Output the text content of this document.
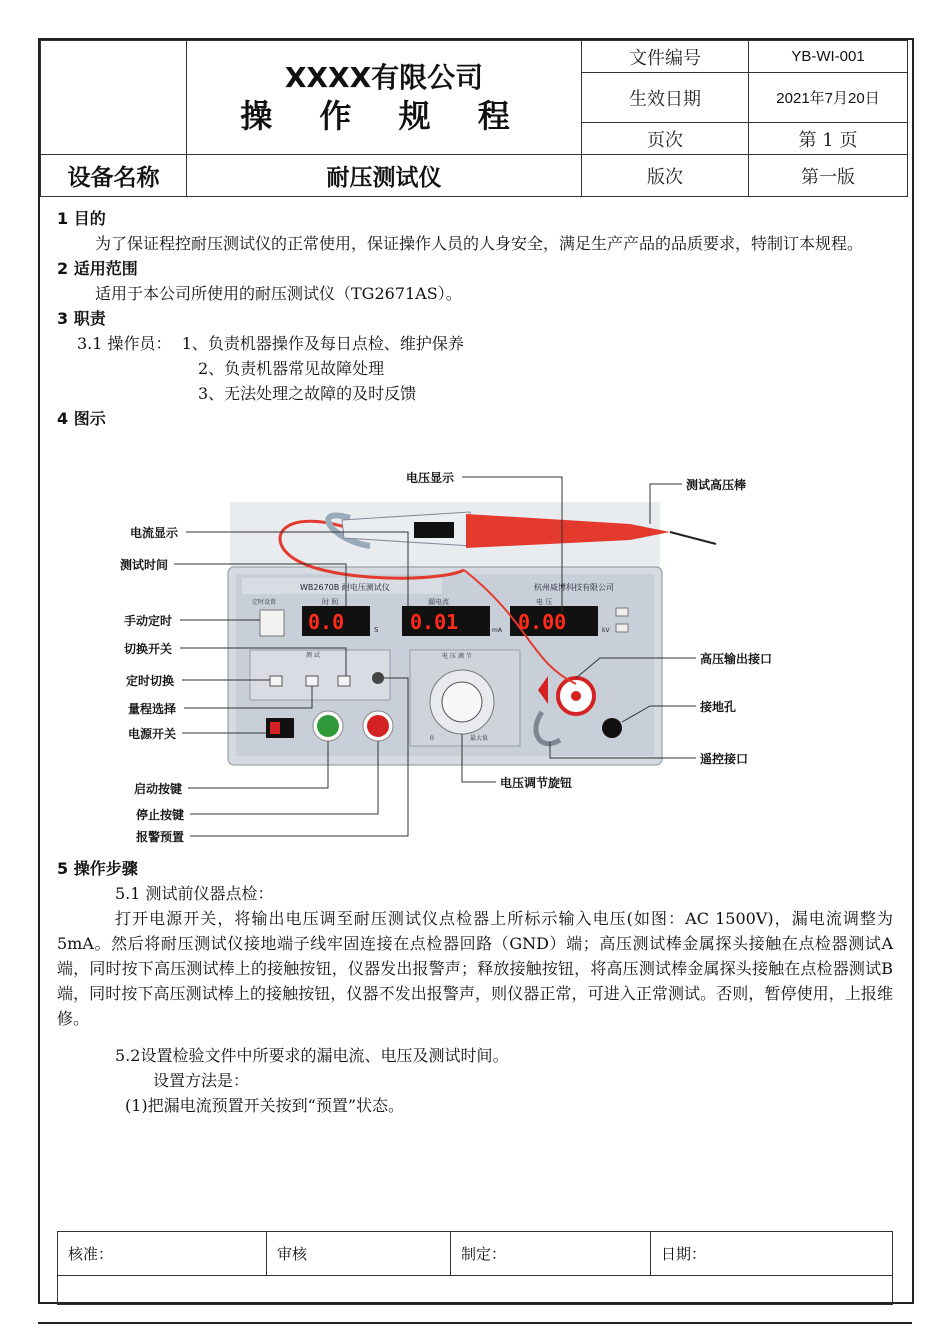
	XXXX有限公司
操 作 规 程	文件编号	YB-WI-001
		生效日期	2021年7月20日
		页次	第 1 页
设备名称	耐压测试仪	版次	第一版

1 目的

为了保证程控耐压测试仪的正常使用，保证操作人员的人身安全，满足生产产品的品质要求，特制订本规程。

2 适用范围

适用于本公司所使用的耐压测试仪（TG2671AS）。

3 职责

3.1 操作员：  1、负责机器操作及每日点检、维护保养

2、负责机器常见故障处理

3、无法处理之故障的及时反馈

4 图示

WB2670B 耐电压测试仪	杭州威博科技有限公司
时 间	漏电流	电 压
定时设置
0.0	S 0.01	mA 0.00	kV
测 试	电 压 调 节
0	最大值
电压显示	测试高压棒
电流显示
测试时间
手动定时
切换开关
定时切换
量程选择
电源开关
高压输出接口
接地孔
遥控接口
电压调节旋钮
启动按键
停止按键
报警预置

5 操作步骤

5.1 测试前仪器点检：

打开电源开关，将输出电压调至耐压测试仪点检器上所标示输入电压(如图：AC 1500V)，漏电流调整为5mA。然后将耐压测试仪接地端子线牢固连接在点检器回路（GND）端；高压测试棒金属探头接触在点检器测试A端，同时按下高压测试棒上的接触按钮，仪器发出报警声；释放接触按钮，将高压测试棒金属探头接触在点检器测试B端，同时按下高压测试棒上的接触按钮，仪器不发出报警声，则仪器正常，可进入正常测试。否则，暂停使用，上报维修。

5.2设置检验文件中所要求的漏电流、电压及测试时间。

设置方法是：

(1)把漏电流预置开关按到“预置”状态。

核准：	审核	制定：	日期：
